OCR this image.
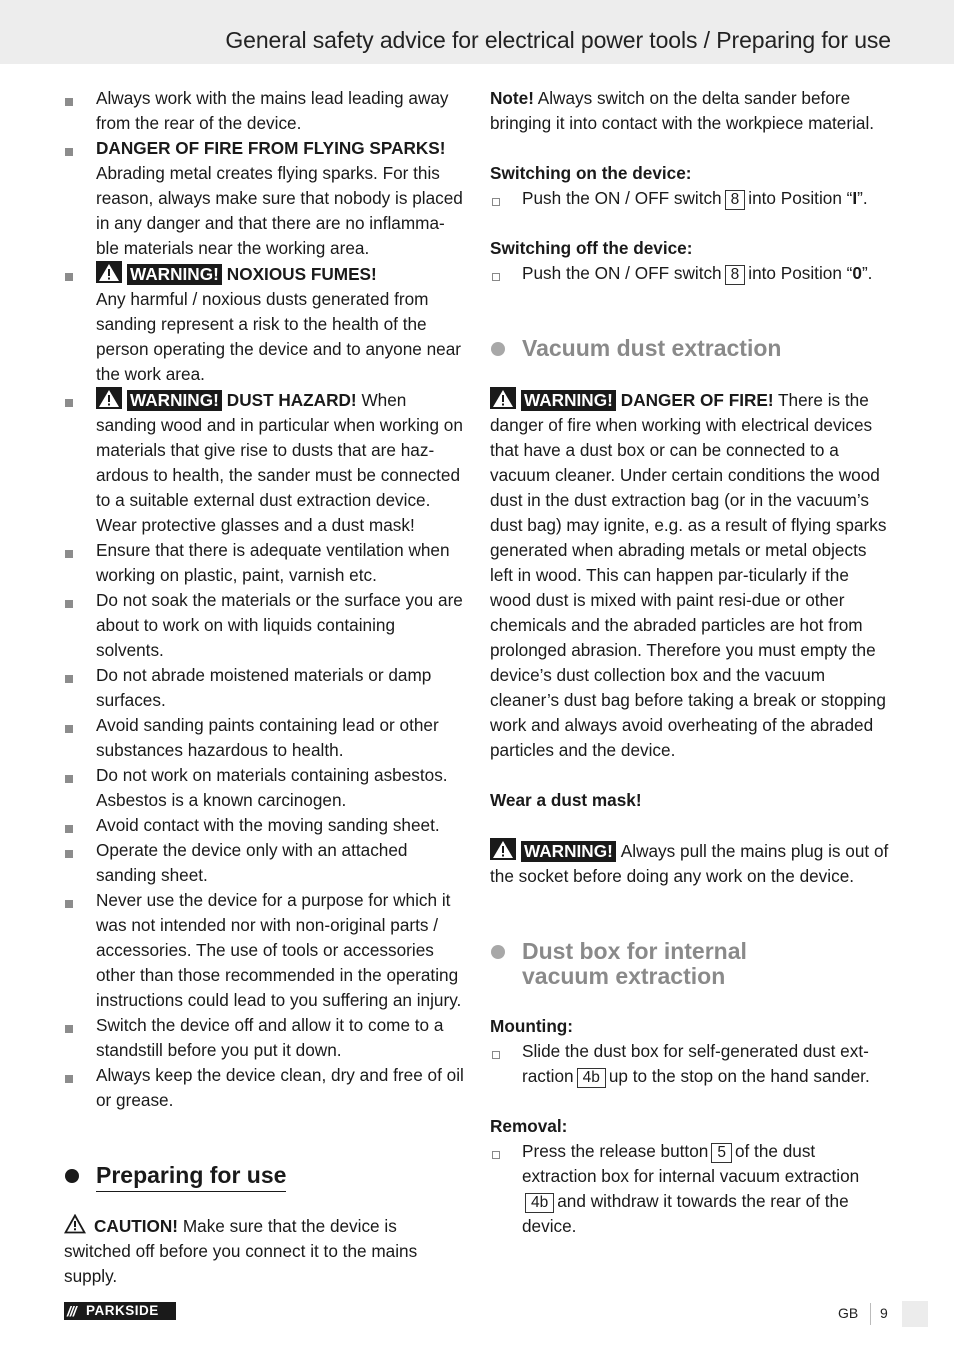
General safety advice for electrical power tools / Preparing for use
Always work with the mains lead leading away from the rear of the device.
DANGER OF FIRE FROM FLYING SPARKS!
Abrading metal creates flying sparks. For this reason, always make sure that nobody is placed in any danger and that there are no inflamma-ble materials near the working area.
WARNING! NOXIOUS FUMES!
Any harmful / noxious dusts generated from sanding represent a risk to the health of the person operating the device and to anyone near the work area.
WARNING! DUST HAZARD! When sanding wood and in particular when working on materials that give rise to dusts that are haz-ardous to health, the sander must be connected to a suitable external dust extraction device. Wear protective glasses and a dust mask!
Ensure that there is adequate ventilation when working on plastic, paint, varnish etc.
Do not soak the materials or the surface you are about to work on with liquids containing solvents.
Do not abrade moistened materials or damp surfaces.
Avoid sanding paints containing lead or other substances hazardous to health.
Do not work on materials containing asbestos. Asbestos is a known carcinogen.
Avoid contact with the moving sanding sheet.
Operate the device only with an attached sanding sheet.
Never use the device for a purpose for which it was not intended nor with non-original parts / accessories. The use of tools or accessories other than those recommended in the operating instructions could lead to you suffering an injury.
Switch the device off and allow it to come to a standstill before you put it down.
Always keep the device clean, dry and free of oil or grease.
Preparing for use
CAUTION! Make sure that the device is switched off before you connect it to the mains supply.
Note! Always switch on the delta sander before bringing it into contact with the workpiece material.
Switching on the device:
Push the ON / OFF switch 8 into Position “I”.
Switching off the device:
Push the ON / OFF switch 8 into Position “0”.
Vacuum dust extraction
WARNING! DANGER OF FIRE! There is the danger of fire when working with electrical devices that have a dust box or can be connected to a vacuum cleaner. Under certain conditions the wood dust in the dust extraction bag (or in the vacuum’s dust bag) may ignite, e.g. as a result of flying sparks generated when abrading metals or metal objects left in wood. This can happen par-ticularly if the wood dust is mixed with paint resi-due or other chemicals and the abraded particles are hot from prolonged abrasion. Therefore you must empty the device’s dust collection box and the vacuum cleaner’s dust bag before taking a break or stopping work and always avoid overheating of the abraded particles and the device.
Wear a dust mask!
WARNING! Always pull the mains plug is out of the socket before doing any work on the device.
Dust box for internal
vacuum extraction
Mounting:
Slide the dust box for self-generated dust ext-raction 4b up to the stop on the hand sander.
Removal:
Press the release button 5 of the dust extraction box for internal vacuum extraction4b and withdraw it towards the rear of the device.
/// PARKSIDE	GB 9
